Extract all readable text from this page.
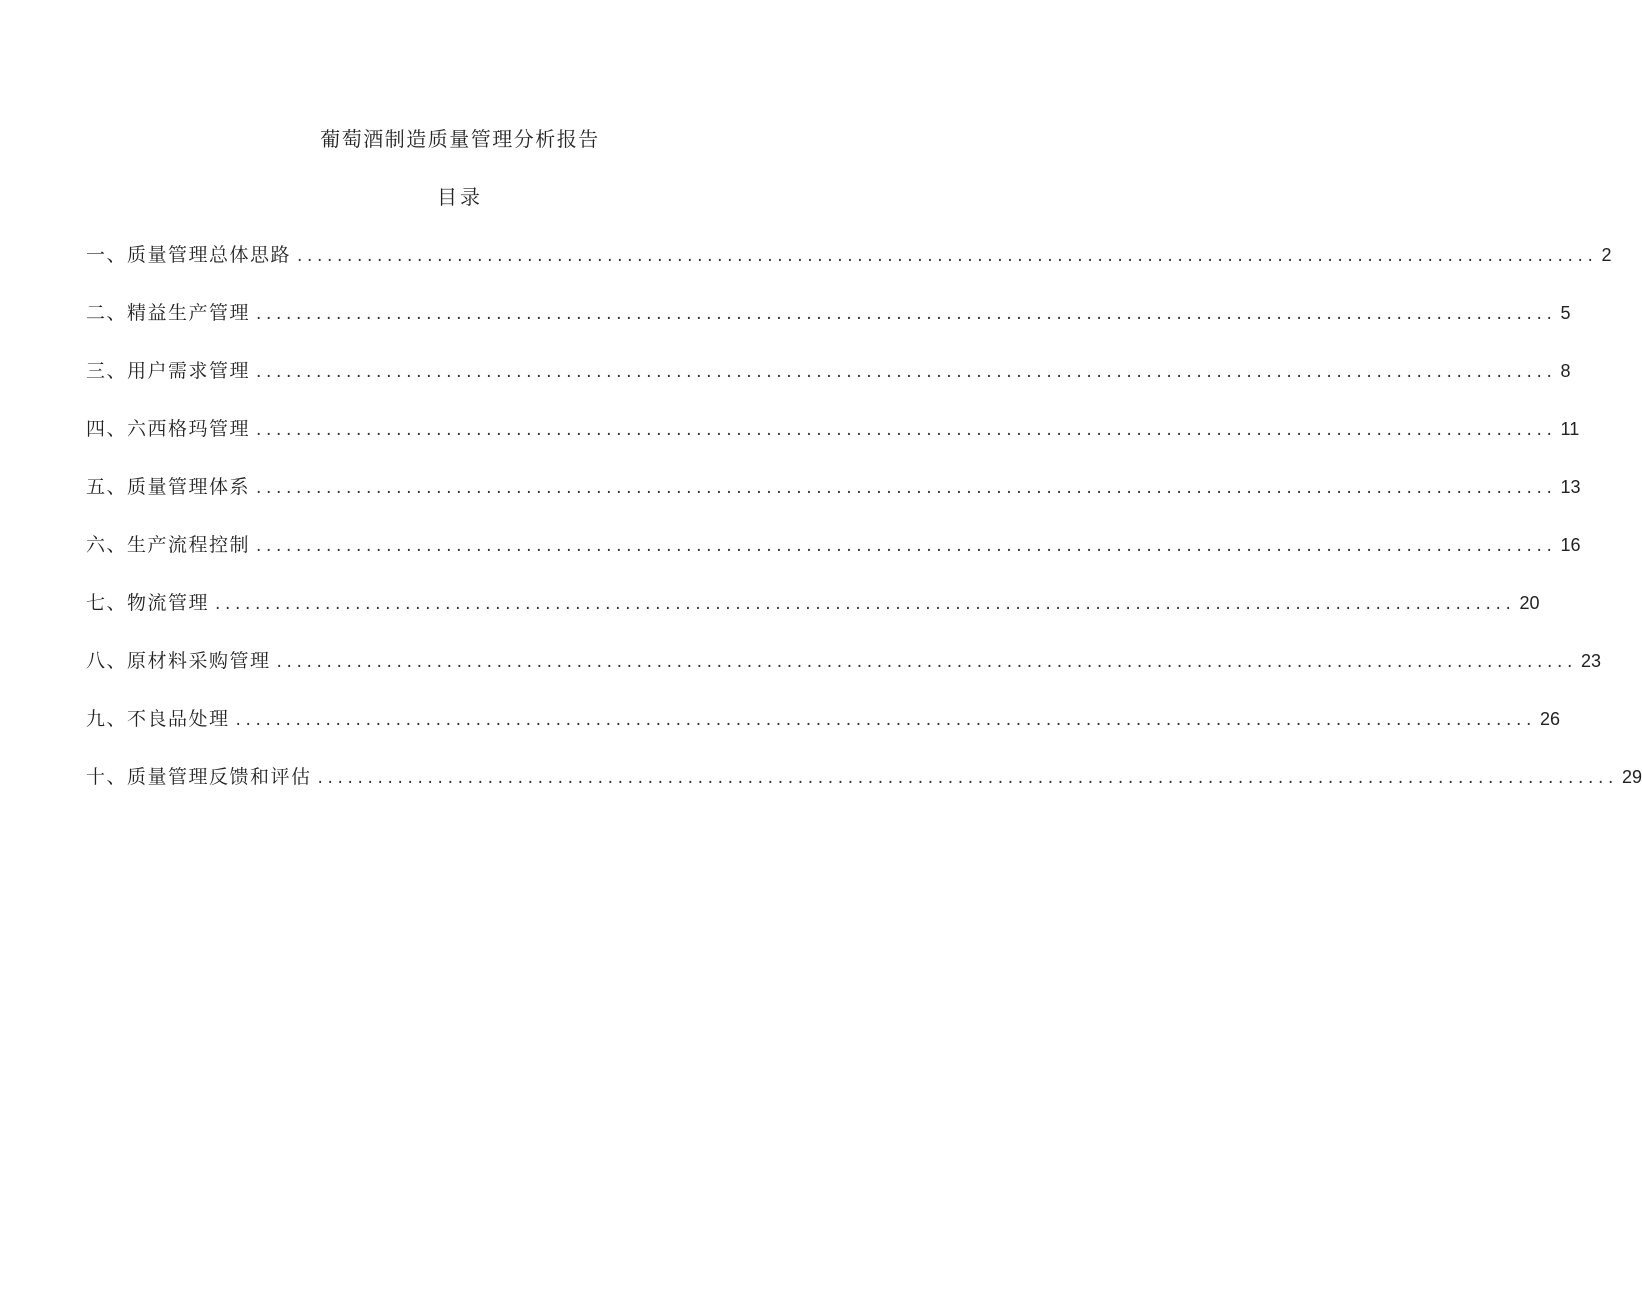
葡萄酒制造质量管理分析报告
目录
一、质量管理总体思路 .................................................................................................................................. 2
二、精益生产管理 .................................................................................................................................. 5
三、用户需求管理 .................................................................................................................................. 8
四、六西格玛管理 .................................................................................................................................. 11
五、质量管理体系 .................................................................................................................................. 13
六、生产流程控制 .................................................................................................................................. 16
七、物流管理 .................................................................................................................................. 20
八、原材料采购管理 .................................................................................................................................. 23
九、不良品处理 .................................................................................................................................. 26
十、质量管理反馈和评估 .................................................................................................................................. 29
